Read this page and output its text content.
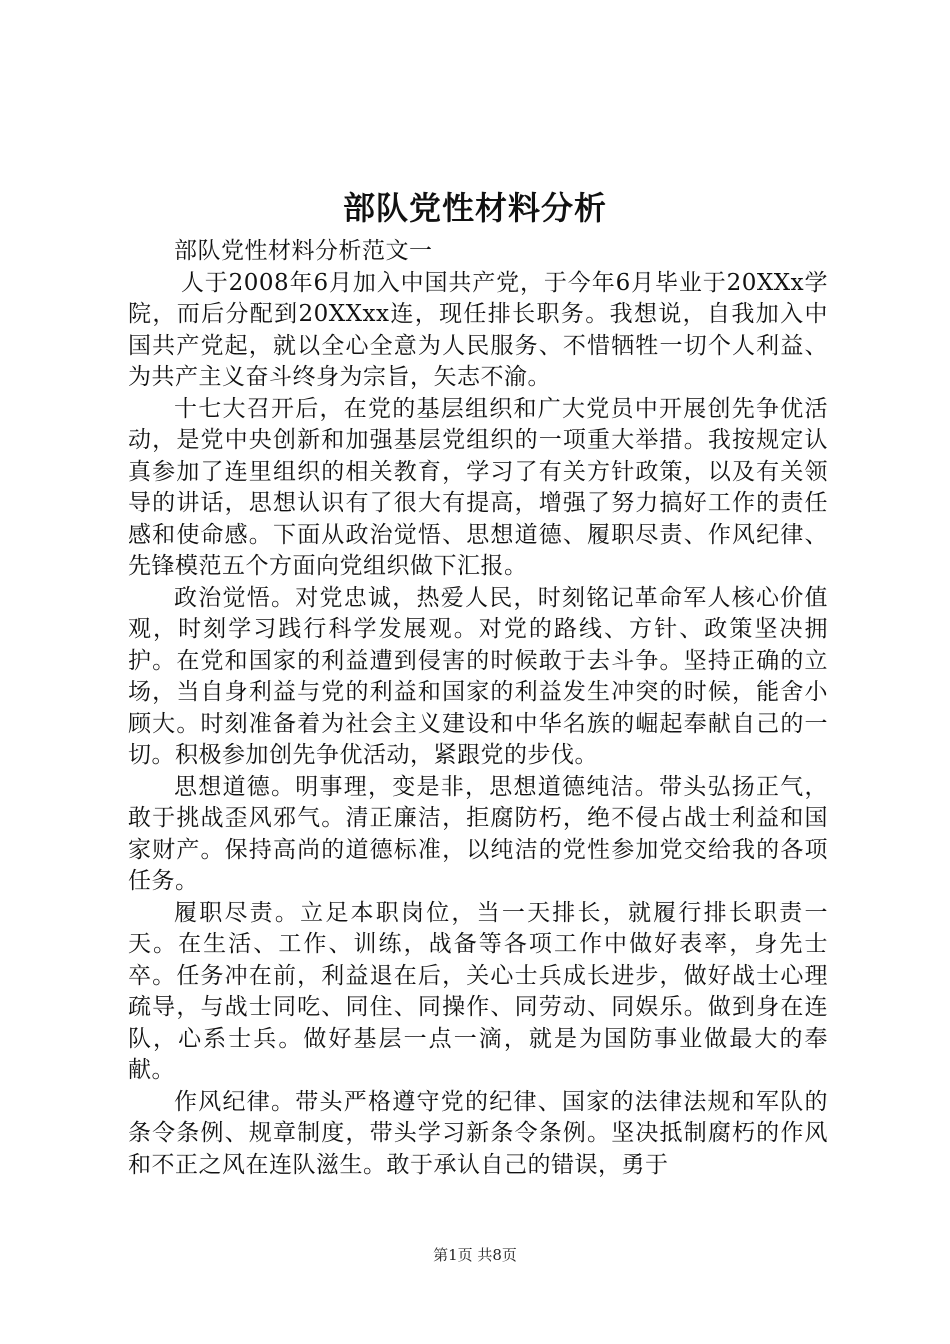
部队党性材料分析

部队党性材料分析范文一

人于2008年6月加入中国共产党，于今年6月毕业于20XXx学院，而后分配到20XXxx连，现任排长职务。我想说，自我加入中国共产党起，就以全心全意为人民服务、不惜牺牲一切个人利益、为共产主义奋斗终身为宗旨，矢志不渝。

十七大召开后，在党的基层组织和广大党员中开展创先争优活动，是党中央创新和加强基层党组织的一项重大举措。我按规定认真参加了连里组织的相关教育，学习了有关方针政策，以及有关领导的讲话，思想认识有了很大有提高，增强了努力搞好工作的责任感和使命感。下面从政治觉悟、思想道德、履职尽责、作风纪律、先锋模范五个方面向党组织做下汇报。

政治觉悟。对党忠诚，热爱人民，时刻铭记革命军人核心价值观，时刻学习践行科学发展观。对党的路线、方针、政策坚决拥护。在党和国家的利益遭到侵害的时候敢于去斗争。坚持正确的立场，当自身利益与党的利益和国家的利益发生冲突的时候，能舍小顾大。时刻准备着为社会主义建设和中华名族的崛起奉献自己的一切。积极参加创先争优活动，紧跟党的步伐。

思想道德。明事理，变是非，思想道德纯洁。带头弘扬正气，敢于挑战歪风邪气。清正廉洁，拒腐防朽，绝不侵占战士利益和国家财产。保持高尚的道德标准，以纯洁的党性参加党交给我的各项任务。

履职尽责。立足本职岗位，当一天排长，就履行排长职责一天。在生活、工作、训练，战备等各项工作中做好表率，身先士卒。任务冲在前，利益退在后，关心士兵成长进步，做好战士心理疏导，与战士同吃、同住、同操作、同劳动、同娱乐。做到身在连队，心系士兵。做好基层一点一滴，就是为国防事业做最大的奉献。

作风纪律。带头严格遵守党的纪律、国家的法律法规和军队的条令条例、规章制度，带头学习新条令条例。坚决抵制腐朽的作风和不正之风在连队滋生。敢于承认自己的错误，勇于

第1页 共8页
